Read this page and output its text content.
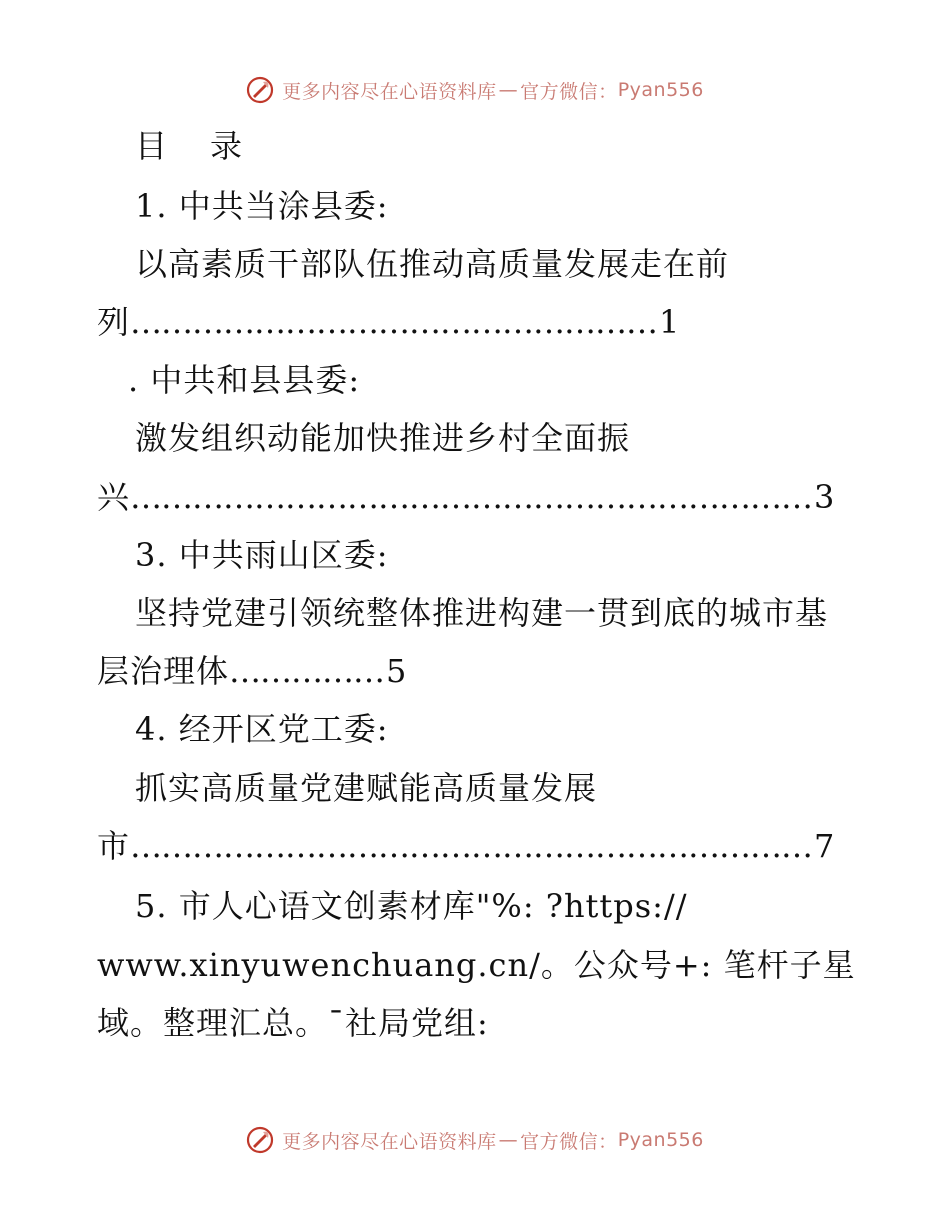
更多内容尽在心语资料库 — 官方微信： Pyan556
目 录
1. 中共当涂县委:
以高素质干部队伍推动高质量发展走在前
列……………………………………………1
. 中共和县县委:
激发组织动能加快推进乡村全面振
兴…………………………………………………………3
3. 中共雨山区委:
坚持党建引领统整体推进构建一贯到底的城市基
层治理体……………5
4. 经开区党工委:
抓实高质量党建赋能高质量发展
市…………………………………………………………7
5. 市人心语文创素材库"%: ?https://
www.xinyuwenchuang.cn/。公众号+: 笔杆子星
域。整理汇总。¯社局党组:
更多内容尽在心语资料库 — 官方微信： Pyan556
